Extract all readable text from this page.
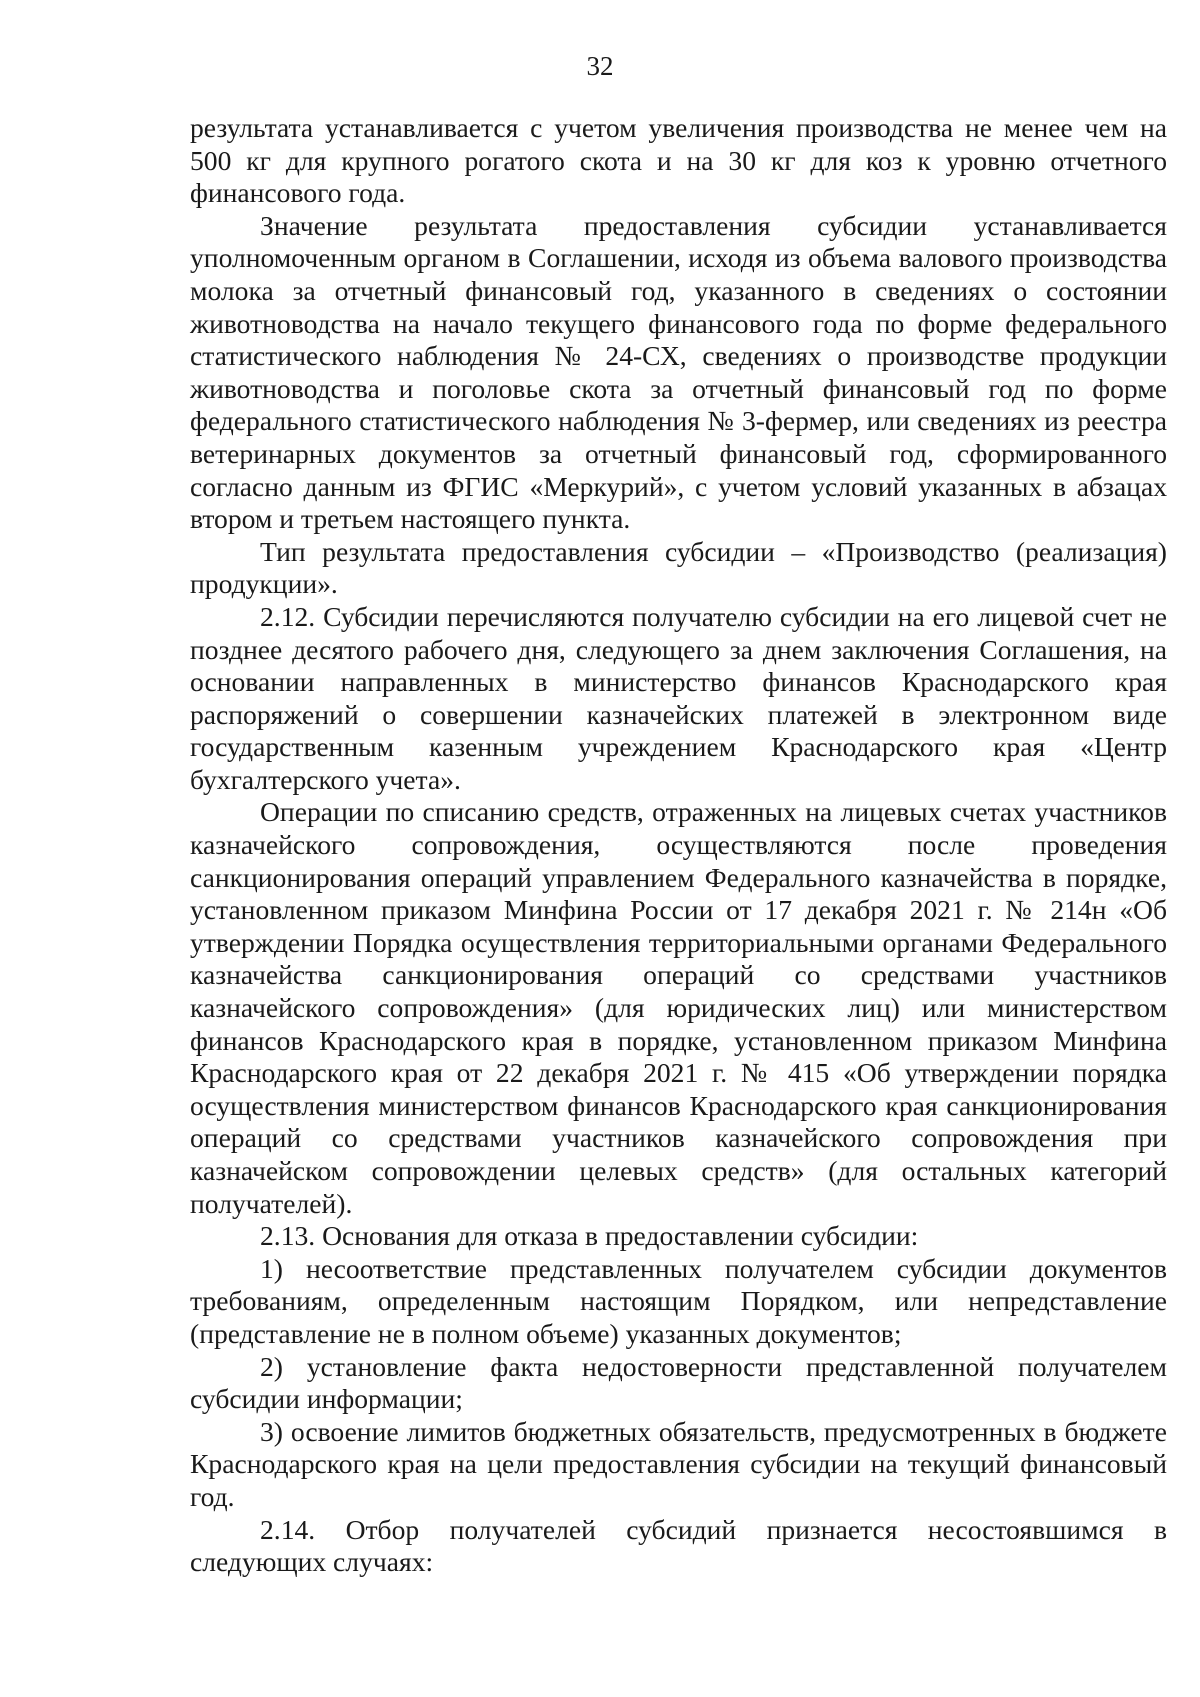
32

результата устанавливается с учетом увеличения производства не менее чем на 500 кг для крупного рогатого скота и на 30 кг для коз к уровню отчетного финансового года.

Значение результата предоставления субсидии устанавливается уполномоченным органом в Соглашении, исходя из объема валового производства молока за отчетный финансовый год, указанного в сведениях о состоянии животноводства на начало текущего финансового года по форме федерального статистического наблюдения № 24-СХ, сведениях о производстве продукции животноводства и поголовье скота за отчетный финансовый год по форме федерального статистического наблюдения № 3-фермер, или сведениях из реестра ветеринарных документов за отчетный финансовый год, сформированного согласно данным из ФГИС «Меркурий», с учетом условий указанных в абзацах втором и третьем настоящего пункта.

Тип результата предоставления субсидии – «Производство (реализация) продукции».

2.12. Субсидии перечисляются получателю субсидии на его лицевой счет не позднее десятого рабочего дня, следующего за днем заключения Соглашения, на основании направленных в министерство финансов Краснодарского края распоряжений о совершении казначейских платежей в электронном виде государственным казенным учреждением Краснодарского края «Центр бухгалтерского учета».

Операции по списанию средств, отраженных на лицевых счетах участников казначейского сопровождения, осуществляются после проведения санкционирования операций управлением Федерального казначейства в порядке, установленном приказом Минфина России от 17 декабря 2021 г. № 214н «Об утверждении Порядка осуществления территориальными органами Федерального казначейства санкционирования операций со средствами участников казначейского сопровождения» (для юридических лиц) или министерством финансов Краснодарского края в порядке, установленном приказом Минфина Краснодарского края от 22 декабря 2021 г. № 415 «Об утверждении порядка осуществления министерством финансов Краснодарского края санкционирования операций со средствами участников казначейского сопровождения при казначейском сопровождении целевых средств» (для остальных категорий получателей).

2.13. Основания для отказа в предоставлении субсидии:

1) несоответствие представленных получателем субсидии документов требованиям, определенным настоящим Порядком, или непредставление (представление не в полном объеме) указанных документов;

2) установление факта недостоверности представленной получателем субсидии информации;

3) освоение лимитов бюджетных обязательств, предусмотренных в бюджете Краснодарского края на цели предоставления субсидии на текущий финансовый год.

2.14. Отбор получателей субсидий признается несостоявшимся в следующих случаях:
